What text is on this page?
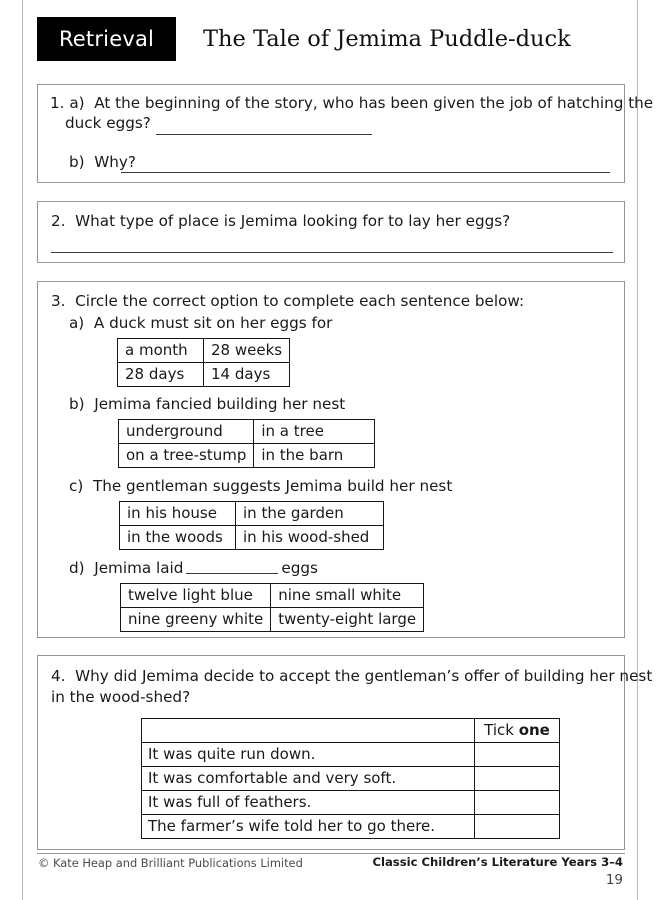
Retrieval	The Tale of Jemima Puddle-duck
1. a) At the beginning of the story, who has been given the job of hatching the
duck eggs?
b) Why?
2. What type of place is Jemima looking for to lay her eggs?
3. Circle the correct option to complete each sentence below:
a) A duck must sit on her eggs for
a month	28 weeks
28 days	14 days
b) Jemima fancied building her nest
underground	in a tree
on a tree-stump	in the barn
c) The gentleman suggests Jemima build her nest
in his house	in the garden
in the woods	in his wood-shed
d) Jemima laid	eggs
twelve light blue	nine small white
nine greeny white	twenty-eight large
4. Why did Jemima decide to accept the gentleman’s offer of building her nest
in the wood-shed?
	Tick one
It was quite run down.	
It was comfortable and very soft.	
It was full of feathers.	
The farmer’s wife told her to go there.	
© Kate Heap and Brilliant Publications Limited	Classic Children’s Literature Years 3–4
19
